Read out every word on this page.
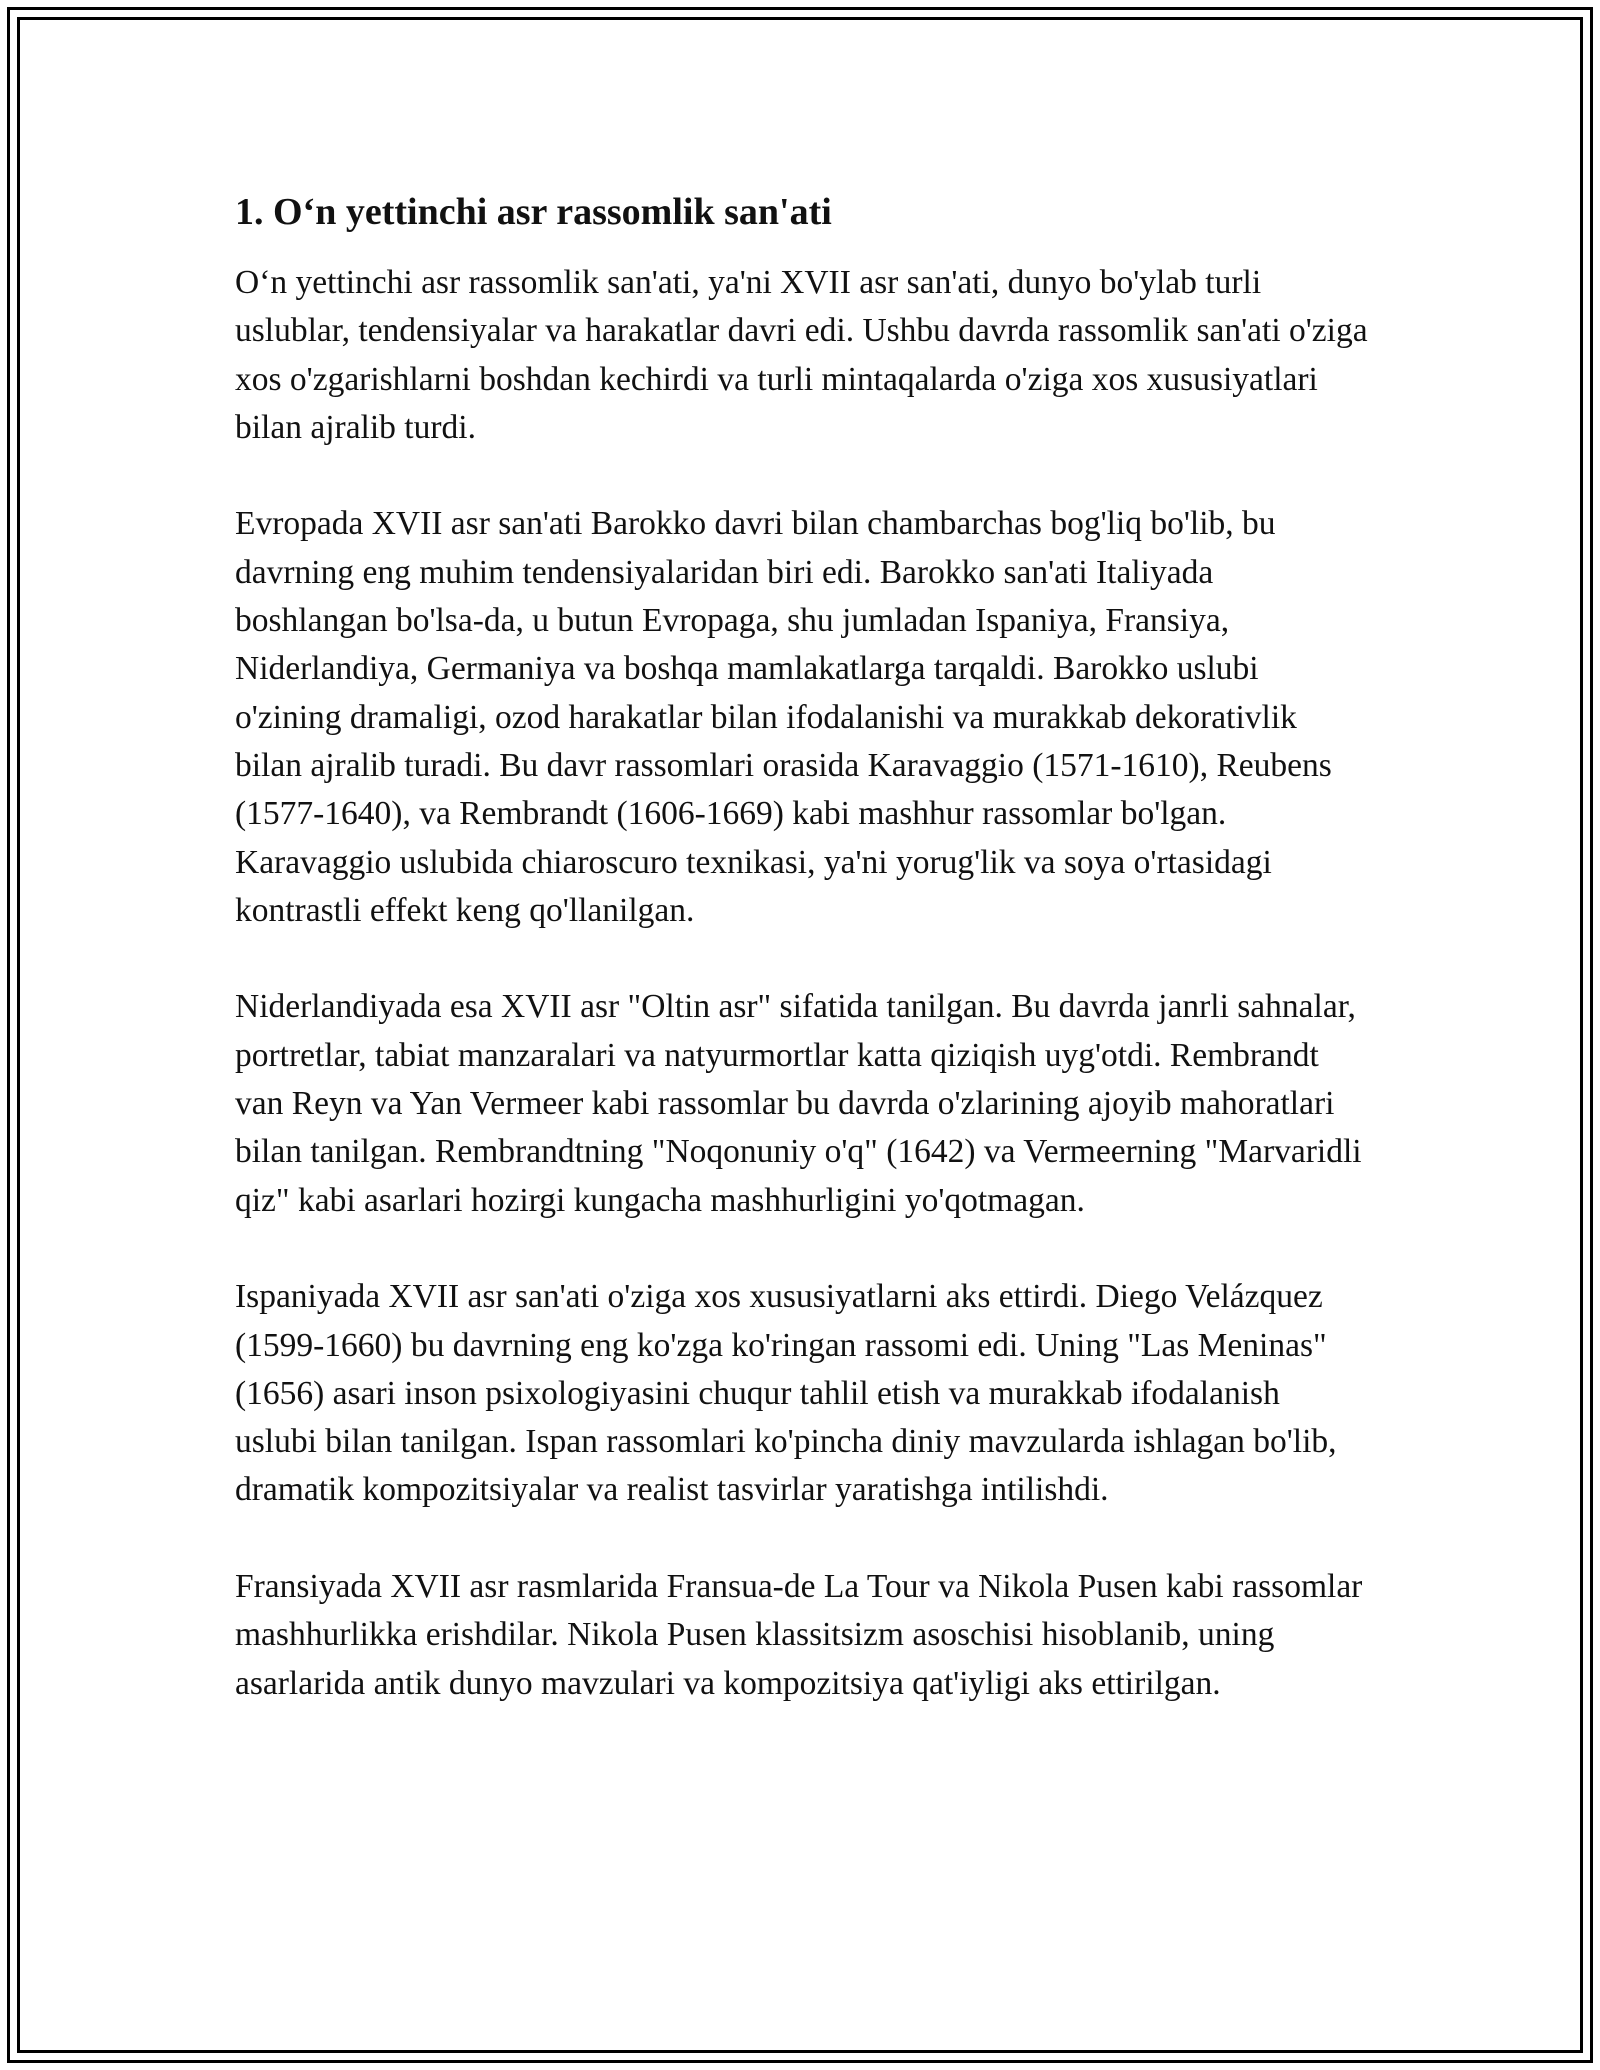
1. O‘n yettinchi asr rassomlik san'ati

O‘n yettinchi asr rassomlik san'ati, ya'ni XVII asr san'ati, dunyo bo'ylab turli uslublar, tendensiyalar va harakatlar davri edi. Ushbu davrda rassomlik san'ati o'ziga xos o'zgarishlarni boshdan kechirdi va turli mintaqalarda o'ziga xos xususiyatlari bilan ajralib turdi.

Evropada XVII asr san'ati Barokko davri bilan chambarchas bog'liq bo'lib, bu davrning eng muhim tendensiyalaridan biri edi. Barokko san'ati Italiyada boshlangan bo'lsa-da, u butun Evropaga, shu jumladan Ispaniya, Fransiya, Niderlandiya, Germaniya va boshqa mamlakatlarga tarqaldi. Barokko uslubi o'zining dramaligi, ozod harakatlar bilan ifodalanishi va murakkab dekorativlik bilan ajralib turadi. Bu davr rassomlari orasida Karavaggio (1571-1610), Reubens (1577-1640), va Rembrandt (1606-1669) kabi mashhur rassomlar bo'lgan. Karavaggio uslubida chiaroscuro texnikasi, ya'ni yorug'lik va soya o'rtasidagi kontrastli effekt keng qo'llanilgan.

Niderlandiyada esa XVII asr "Oltin asr" sifatida tanilgan. Bu davrda janrli sahnalar, portretlar, tabiat manzaralari va natyurmortlar katta qiziqish uyg'otdi. Rembrandt van Reyn va Yan Vermeer kabi rassomlar bu davrda o'zlarining ajoyib mahoratlari bilan tanilgan. Rembrandtning "Noqonuniy o'q" (1642) va Vermeerning "Marvaridli qiz" kabi asarlari hozirgi kungacha mashhurligini yo'qotmagan.

Ispaniyada XVII asr san'ati o'ziga xos xususiyatlarni aks ettirdi. Diego Velázquez (1599-1660) bu davrning eng ko'zga ko'ringan rassomi edi. Uning "Las Meninas" (1656) asari inson psixologiyasini chuqur tahlil etish va murakkab ifodalanish uslubi bilan tanilgan. Ispan rassomlari ko'pincha diniy mavzularda ishlagan bo'lib, dramatik kompozitsiyalar va realist tasvirlar yaratishga intilishdi.

Fransiyada XVII asr rasmlarida Fransua-de La Tour va Nikola Pusen kabi rassomlar mashhurlikka erishdilar. Nikola Pusen klassitsizm asoschisi hisoblanib, uning asarlarida antik dunyo mavzulari va kompozitsiya qat'iyligi aks ettirilgan.
